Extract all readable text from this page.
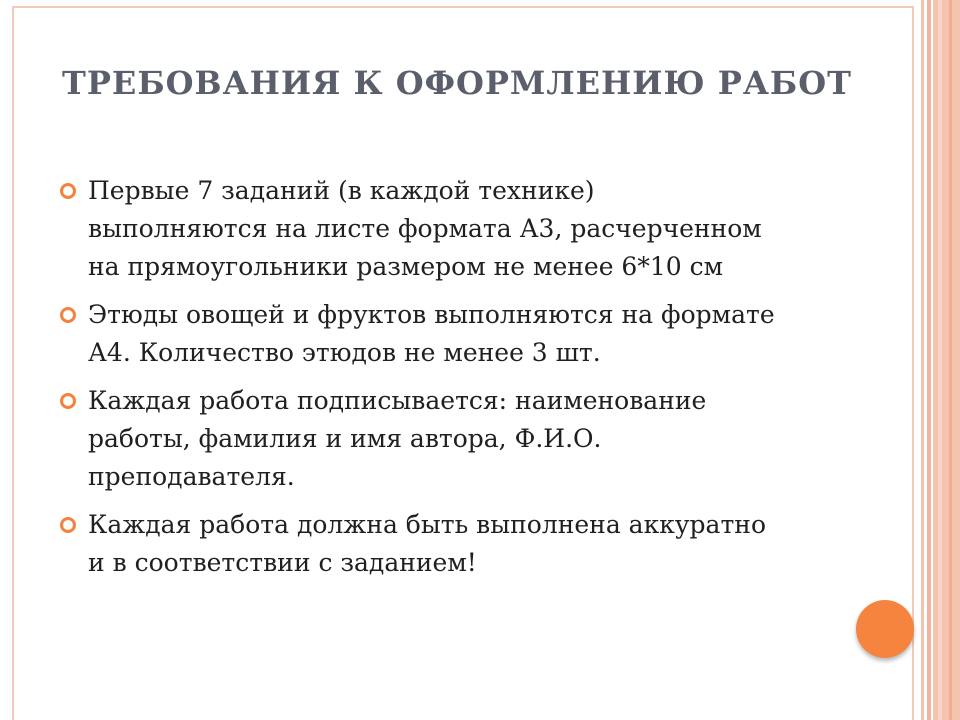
ТРЕБОВАНИЯ К ОФОРМЛЕНИЮ РАБОТ
Первые 7 заданий (в каждой технике)
выполняются на листе формата А3, расчерченном
на прямоугольники размером не менее 6*10 см
Этюды овощей и фруктов выполняются на формате
А4. Количество этюдов не менее 3 шт.
Каждая работа подписывается: наименование
работы, фамилия и имя автора, Ф.И.О.
преподавателя.
Каждая работа должна быть выполнена аккуратно
и в соответствии с заданием!
